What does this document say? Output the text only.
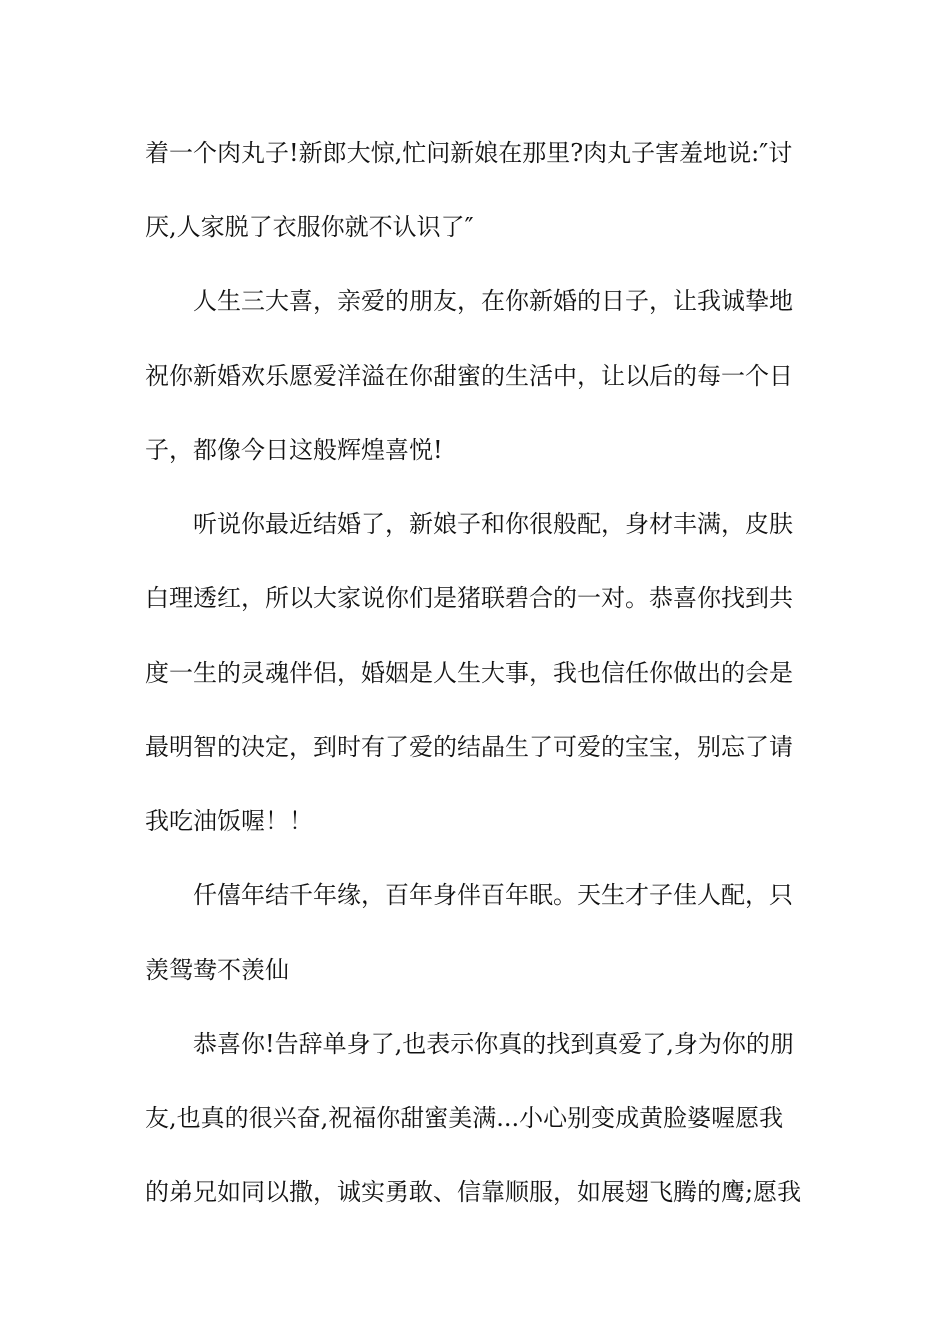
着一个肉丸子!新郎大惊,忙问新娘在那里?肉丸子害羞地说:″讨
厌,人家脱了衣服你就不认识了″
人生三大喜，亲爱的朋友，在你新婚的日子，让我诚挚地
祝你新婚欢乐愿爱洋溢在你甜蜜的生活中，让以后的每一个日
子，都像今日这般辉煌喜悦!
听说你最近结婚了，新娘子和你很般配，身材丰满，皮肤
白理透红，所以大家说你们是猪联碧合的一对。恭喜你找到共
度一生的灵魂伴侣，婚姻是人生大事，我也信任你做出的会是
最明智的决定，到时有了爱的结晶生了可爱的宝宝，别忘了请
我吃油饭喔！！
仟僖年结千年缘，百年身伴百年眠。天生才子佳人配，只
羡鸳鸯不羡仙
恭喜你!告辞单身了,也表示你真的找到真爱了,身为你的朋
友,也真的很兴奋,祝福你甜蜜美满...小心别变成黄脸婆喔愿我
的弟兄如同以撒，诚实勇敢、信靠顺服，如展翅飞腾的鹰;愿我
